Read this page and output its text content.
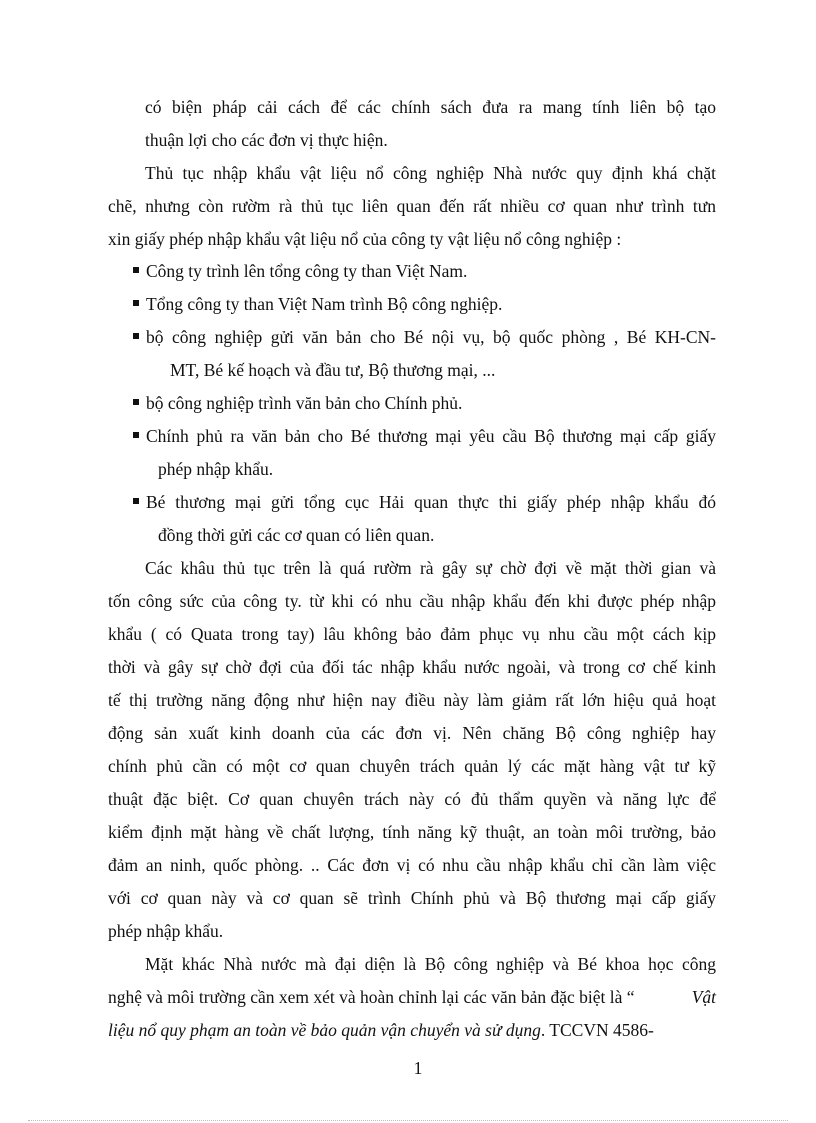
có biện pháp cải cách để các chính sách đưa ra mang tính liên bộ tạo
thuận lợi cho các đơn vị thực hiện.
Thủ tục nhập khẩu vật liệu nổ công nghiệp Nhà nước quy định khá chặt
chẽ, nhưng còn rườm rà thủ tục liên quan đến rất nhiều cơ quan như trình tưn
xin giấy phép nhập khẩu vật liệu nổ của công ty vật liệu nổ công nghiệp :
Công ty trình lên tổng công ty than Việt Nam.
Tổng công ty than Việt Nam trình Bộ công nghiệp.
bộ công nghiệp gửi văn bản cho Bé nội vụ, bộ quốc phòng , Bé KH-CN-
MT, Bé kế hoạch và đầu tư, Bộ thương mại, ...
bộ công nghiệp trình văn bản cho Chính phủ.
Chính phủ ra văn bản cho Bé thương mại yêu cầu Bộ thương mại cấp giấy
phép nhập khẩu.
Bé thương mại gửi tổng cục Hải quan thực thi giấy phép nhập khẩu đó
đồng thời gửi các cơ quan có liên quan.
Các khâu thủ tục trên là quá rườm rà gây sự chờ đợi về mặt thời gian và
tốn công sức của công ty. từ khi có nhu cầu nhập khẩu đến khi được phép nhập
khẩu ( có Quata trong tay) lâu không bảo đảm phục vụ nhu cầu một cách kịp
thời và gây sự chờ đợi của đối tác nhập khẩu nước ngoài, và trong cơ chế kinh
tế thị trường năng động như hiện nay điều này làm giảm rất lớn hiệu quả hoạt
động sản xuất kinh doanh của các đơn vị. Nên chăng Bộ công nghiệp hay
chính phủ cần có một cơ quan chuyên trách quản lý các mặt hàng vật tư kỹ
thuật đặc biệt. Cơ quan chuyên trách này có đủ thẩm quyền và năng lực để
kiểm định mặt hàng về chất lượng, tính năng kỹ thuật, an toàn môi trường, bảo
đảm an ninh, quốc phòng. .. Các đơn vị có nhu cầu nhập khẩu chỉ cần làm việc
với cơ quan này và cơ quan sẽ trình Chính phủ và Bộ thương mại cấp giấy
phép nhập khẩu.
Mặt khác Nhà nước mà đại diện là Bộ công nghiệp và Bé khoa học công
nghệ và môi trường cần xem xét và hoàn chỉnh lại các văn bản đặc biệt là “	Vật
liệu nổ quy phạm an toàn về bảo quản vận chuyển và sử dụng. TCCVN 4586-
1
